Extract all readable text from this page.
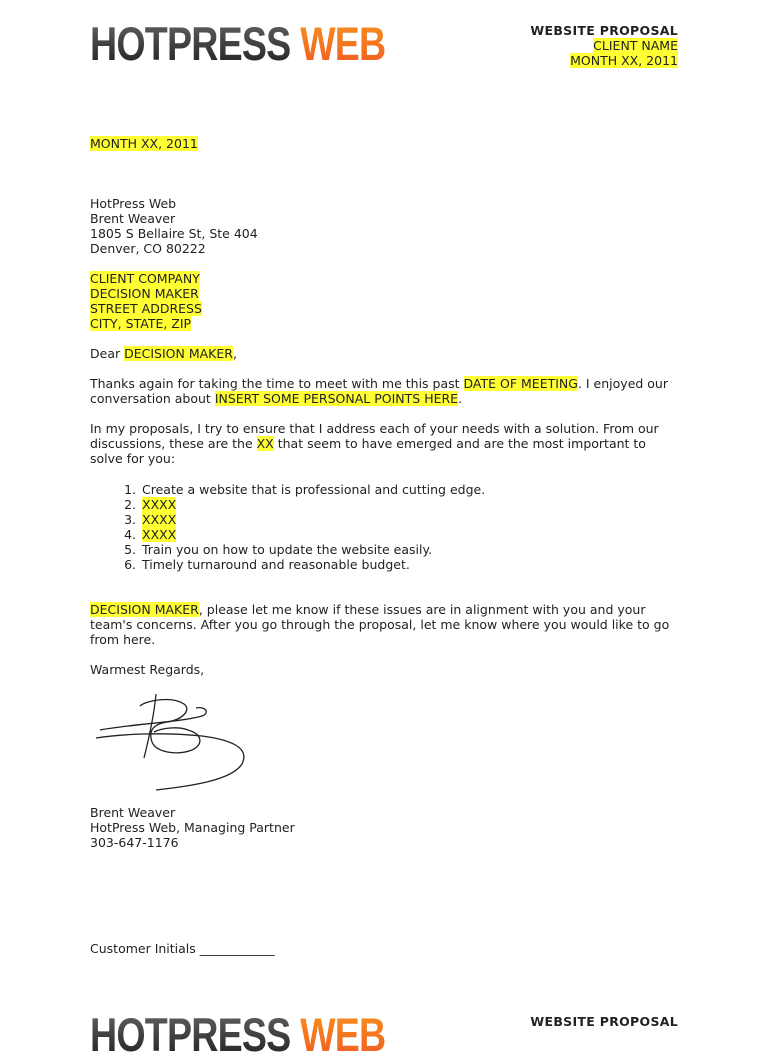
HOTPRESS WEB	WEBSITE PROPOSAL
CLIENT NAME
MONTH XX, 2011
MONTH XX, 2011
HotPress Web
Brent Weaver
1805 S Bellaire St, Ste 404
Denver, CO 80222
CLIENT COMPANY
DECISION MAKER
STREET ADDRESS
CITY, STATE, ZIP
Dear DECISION MAKER,
Thanks again for taking the time to meet with me this past DATE OF MEETING. I enjoyed our conversation about INSERT SOME PERSONAL POINTS HERE.
In my proposals, I try to ensure that I address each of your needs with a solution. From our discussions, these are the XX that seem to have emerged and are the most important to solve for you:
1. Create a website that is professional and cutting edge.
2. XXXX
3. XXXX
4. XXXX
5. Train you on how to update the website easily.
6. Timely turnaround and reasonable budget.
DECISION MAKER, please let me know if these issues are in alignment with you and your team's concerns. After you go through the proposal, let me know where you would like to go from here.
Warmest Regards,
Brent Weaver
HotPress Web, Managing Partner
303-647-1176
Customer Initials ____________
HOTPRESS WEB	WEBSITE PROPOSAL
